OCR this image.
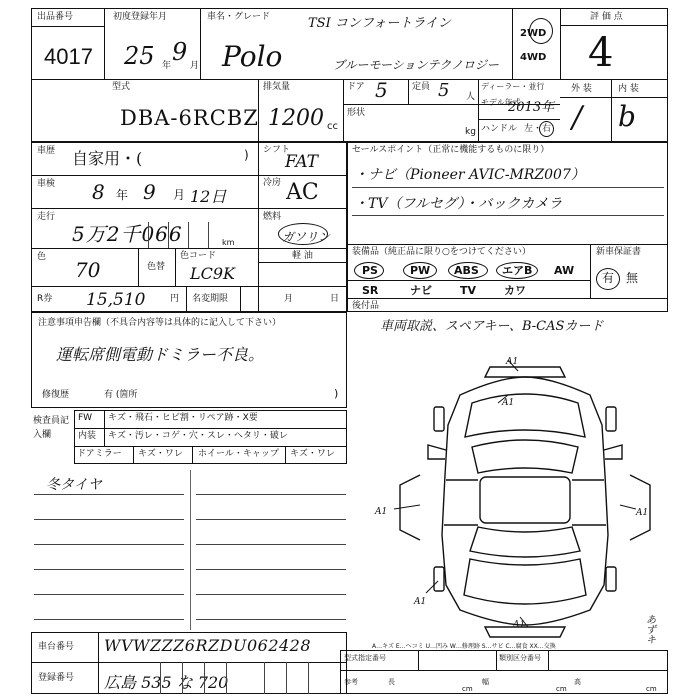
出品番号
4017
初度登録年月
25 年 9 月
車名・グレード	TSI コンフォートライン
Polo	ブルーモーションテクノロジー
2WD
4WD
評 価 点
4
外 装	内 装
/ b
型式
DBA-6RCBZ
排気量
1200 cc
ドア 5	定員 5 人
ディーラー・並行
モデル年式
2013年
形状
kg ハンドル 左・右
車歴 自家用・(	) シフト
FAT
車検 8 年 9 月 12日
冷房 AC
走行
5万2千066	km
燃料
ガソリン
軽 油
色
70	色替
色コード
LC9K
R券 15,510	円 名変期限	月	日
セールスポイント（正常に機能するものに限り）
・ナビ（Pioneer AVIC-MRZ007）
・TV（フルセグ）・バックカメラ
装備品（純正品に限り○をつけてください）	新車保証書
PS	PW ABS エアB AW
SR	ナビ	TV	カワ
有 無
後付品
車両取説、スペアキー、B-CASカード
注意事項申告欄（不具合内容等は具体的に記入して下さい）
運転席側電動ドミラー不良。
修復歴	有 (箇所	)
検査員記入欄
FW キズ・飛石・ヒビ割・リペア跡・X要
内装 キズ・汚レ・コゲ・穴・スレ・ヘタリ・破レ
ドアミラー キズ・ワレ ホイール・キャップ キズ・ワレ
冬タイヤ
A1
A1
A1	A1
A1
A1	あずキ
A…キズ E…ヘコミ U…凹み W…修理跡 S…サビ C…腐食 XX…交換
車台番号 WVWZZZ6RZDU062428
登録番号 広島 535 な 720
型式指定番号	類別区分番号
参考	長
cm
幅
cm
高
cm
